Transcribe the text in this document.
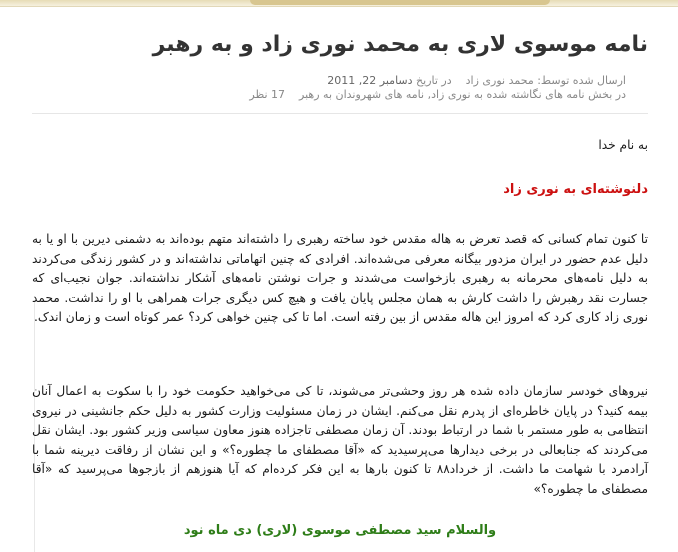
نامه موسوی لاری به محمد نوری زاد و به رهبر
ارسال شده توسط: محمد نوری زاددر تاریخ دسامبر 22, 2011
در بخش نامه های نگاشته شده به نوری زاد, نامه های شهروندان به رهبر17 نظر
به نام خدا
دلنوشته‌ای به نوری زاد
تا کنون تمام کسانی که قصد تعرض به هاله مقدس خود ساخته رهبری را داشته‌اند متهم بوده‌اند به دشمنی دیرین با او یا به دلیل عدم حضور در ایران مزدور بیگانه معرفی می‌شده‌اند. افرادی که چنین اتهاماتی نداشته‌اند و در کشور زندگی می‌کردند به دلیل نامه‌های محرمانه به رهبری بازخواست می‌شدند و جرات نوشتن نامه‌های آشکار نداشته‌اند. جوان نجیب‌ای که جسارت نقد رهبرش را داشت کارش به همان مجلس پایان یافت و هیچ کس دیگری جرات همراهی با او را نداشت. محمد نوری زاد کاری کرد که امروز این هاله مقدس از بین رفته است. اما تا کی چنین خواهی کرد؟ عمر کوتاه است و زمان اندک.
نیروهای خودسر سازمان داده شده هر روز وحشی‌تر می‌شوند، تا کی می‌خواهید حکومت خود را با سکوت به اعمال آنان بیمه کنید؟ در پایان خاطره‌ای از پدرم نقل می‌کنم. ایشان در زمان مسئولیت وزارت کشور به دلیل حکم جانشینی در نیروی انتظامی به طور مستمر با شما در ارتباط بودند. آن زمان مصطفی تاجزاده هنوز معاون سیاسی وزیر کشور بود. ایشان نقل می‌کردند که جنابعالی در برخی دیدارها می‌پرسیدید که «آقا مصطفای ما چطوره؟» و این نشان از رفاقت دیرینه شما با آرادمرد با شهامت ما داشت. از خرداد۸۸ تا کنون بارها به این فکر کرده‌ام که آیا هنوزهم از بازجوها می‌پرسید که «آقا مصطفای ما چطوره؟»
والسلام سید مصطفی موسوی (لاری) دی ماه نود
